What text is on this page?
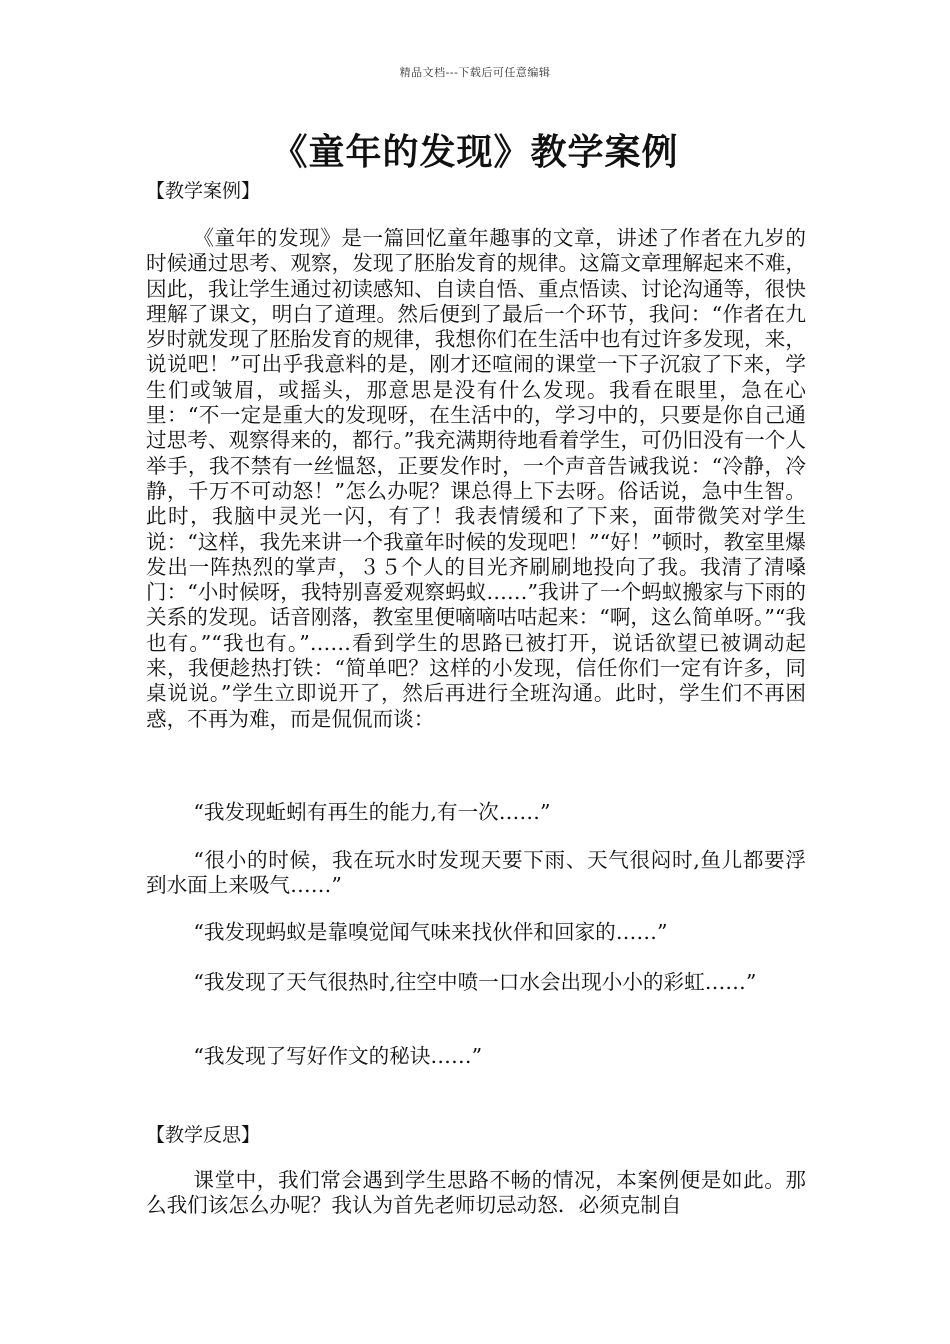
精品文档---下载后可任意编辑
《童年的发现》教学案例
【教学案例】

《童年的发现》是一篇回忆童年趣事的文章，讲述了作者在九岁的时候通过思考、观察，发现了胚胎发育的规律。这篇文章理解起来不难，因此，我让学生通过初读感知、自读自悟、重点悟读、讨论沟通等，很快理解了课文，明白了道理。然后便到了最后一个环节，我问：“作者在九岁时就发现了胚胎发育的规律，我想你们在生活中也有过许多发现，来，说说吧！”可出乎我意料的是，刚才还喧闹的课堂一下子沉寂了下来，学生们或皱眉，或摇头，那意思是没有什么发现。我看在眼里，急在心里：“不一定是重大的发现呀，在生活中的，学习中的，只要是你自己通过思考、观察得来的，都行。”我充满期待地看着学生，可仍旧没有一个人举手，我不禁有一丝愠怒，正要发作时，一个声音告诫我说：“冷静，冷静，千万不可动怒！”怎么办呢？课总得上下去呀。俗话说，急中生智。此时，我脑中灵光一闪，有了！我表情缓和了下来，面带微笑对学生说：“这样，我先来讲一个我童年时候的发现吧！”“好！”顿时，教室里爆发出一阵热烈的掌声，３５个人的目光齐刷刷地投向了我。我清了清嗓门：“小时候呀，我特别喜爱观察蚂蚁……”我讲了一个蚂蚁搬家与下雨的关系的发现。话音刚落，教室里便嘀嘀咕咕起来：“啊，这么简单呀。”“我也有。”“我也有。”……看到学生的思路已被打开，说话欲望已被调动起来，我便趁热打铁：“简单吧？这样的小发现，信任你们一定有许多，同桌说说。”学生立即说开了，然后再进行全班沟通。此时，学生们不再困惑，不再为难，而是侃侃而谈：

“我发现蚯蚓有再生的能力,有一次……”

“很小的时候，我在玩水时发现天要下雨、天气很闷时,鱼儿都要浮到水面上来吸气……”

“我发现蚂蚁是靠嗅觉闻气味来找伙伴和回家的……”

“我发现了天气很热时,往空中喷一口水会出现小小的彩虹……”

“我发现了写好作文的秘诀……”

【教学反思】

课堂中，我们常会遇到学生思路不畅的情况，本案例便是如此。那么我们该怎么办呢？我认为首先老师切忌动怒．必须克制自
